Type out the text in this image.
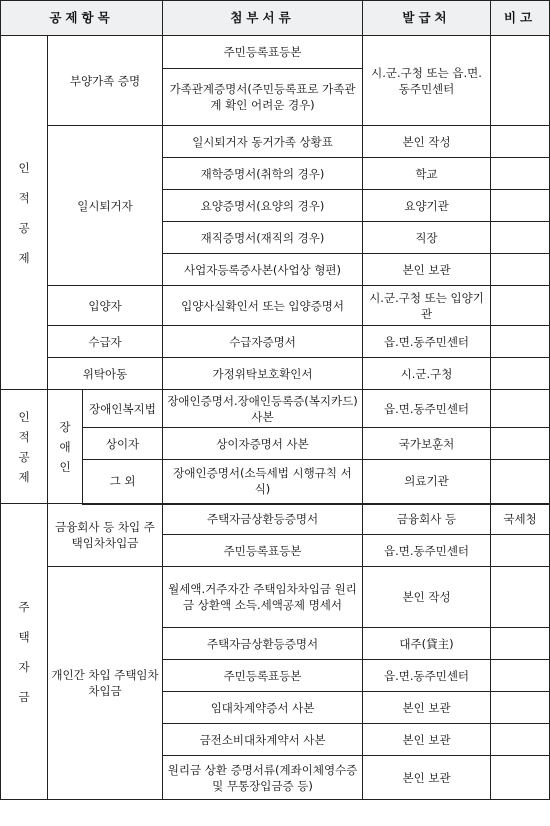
공제항목			첨부서류	발급처	비고
인적공제	부양가족 증명		주민등록표등본	시.군.구청 또는 읍.면.동주민센터	
			가족관계증명서(주민등록표로 가족관계 확인 어려운 경우)		
	일시퇴거자		일시퇴거자 동거가족 상황표	본인 작성	
			재학증명서(취학의 경우)	학교	
			요양증명서(요양의 경우)	요양기관	
			재직증명서(재직의 경우)	직장	
			사업자등록증사본(사업상 형편)	본인 보관	
	입양자		입양사실확인서 또는 입양증명서	시.군.구청 또는 입양기관	
	수급자		수급자증명서	읍.면.동주민센터	
	위탁아동		가정위탁보호확인서	시.군.구청	

인적공제	장애인	장애인복지법	장애인증명서.장애인등록증(복지카드) 사본	읍.면.동주민센터	
		상이자	상이자증명서 사본	국가보훈처	
		그 외	장애인증명서(소득세법 시행규칙 서식)	의료기관	
주택자금	금융회사 등 차입 주택임차차입금		주택자금상환등증명서	금융회사 등	국세청
			주민등록표등본	읍.면.동주민센터	
	개인간 차입 주택임차차입금		월세액.거주자간 주택임차차입금 원리금 상환액 소득.세액공제 명세서	본인 작성	
			주택자금상환등증명서	대주(貸主)	
			주민등록표등본	읍.면.동주민센터	
			임대차계약증서 사본	본인 보관	
			금전소비대차계약서 사본	본인 보관	
			원리금 상환 증명서류(계좌이체영수증 및 무통장입금증 등)	본인 보관	
